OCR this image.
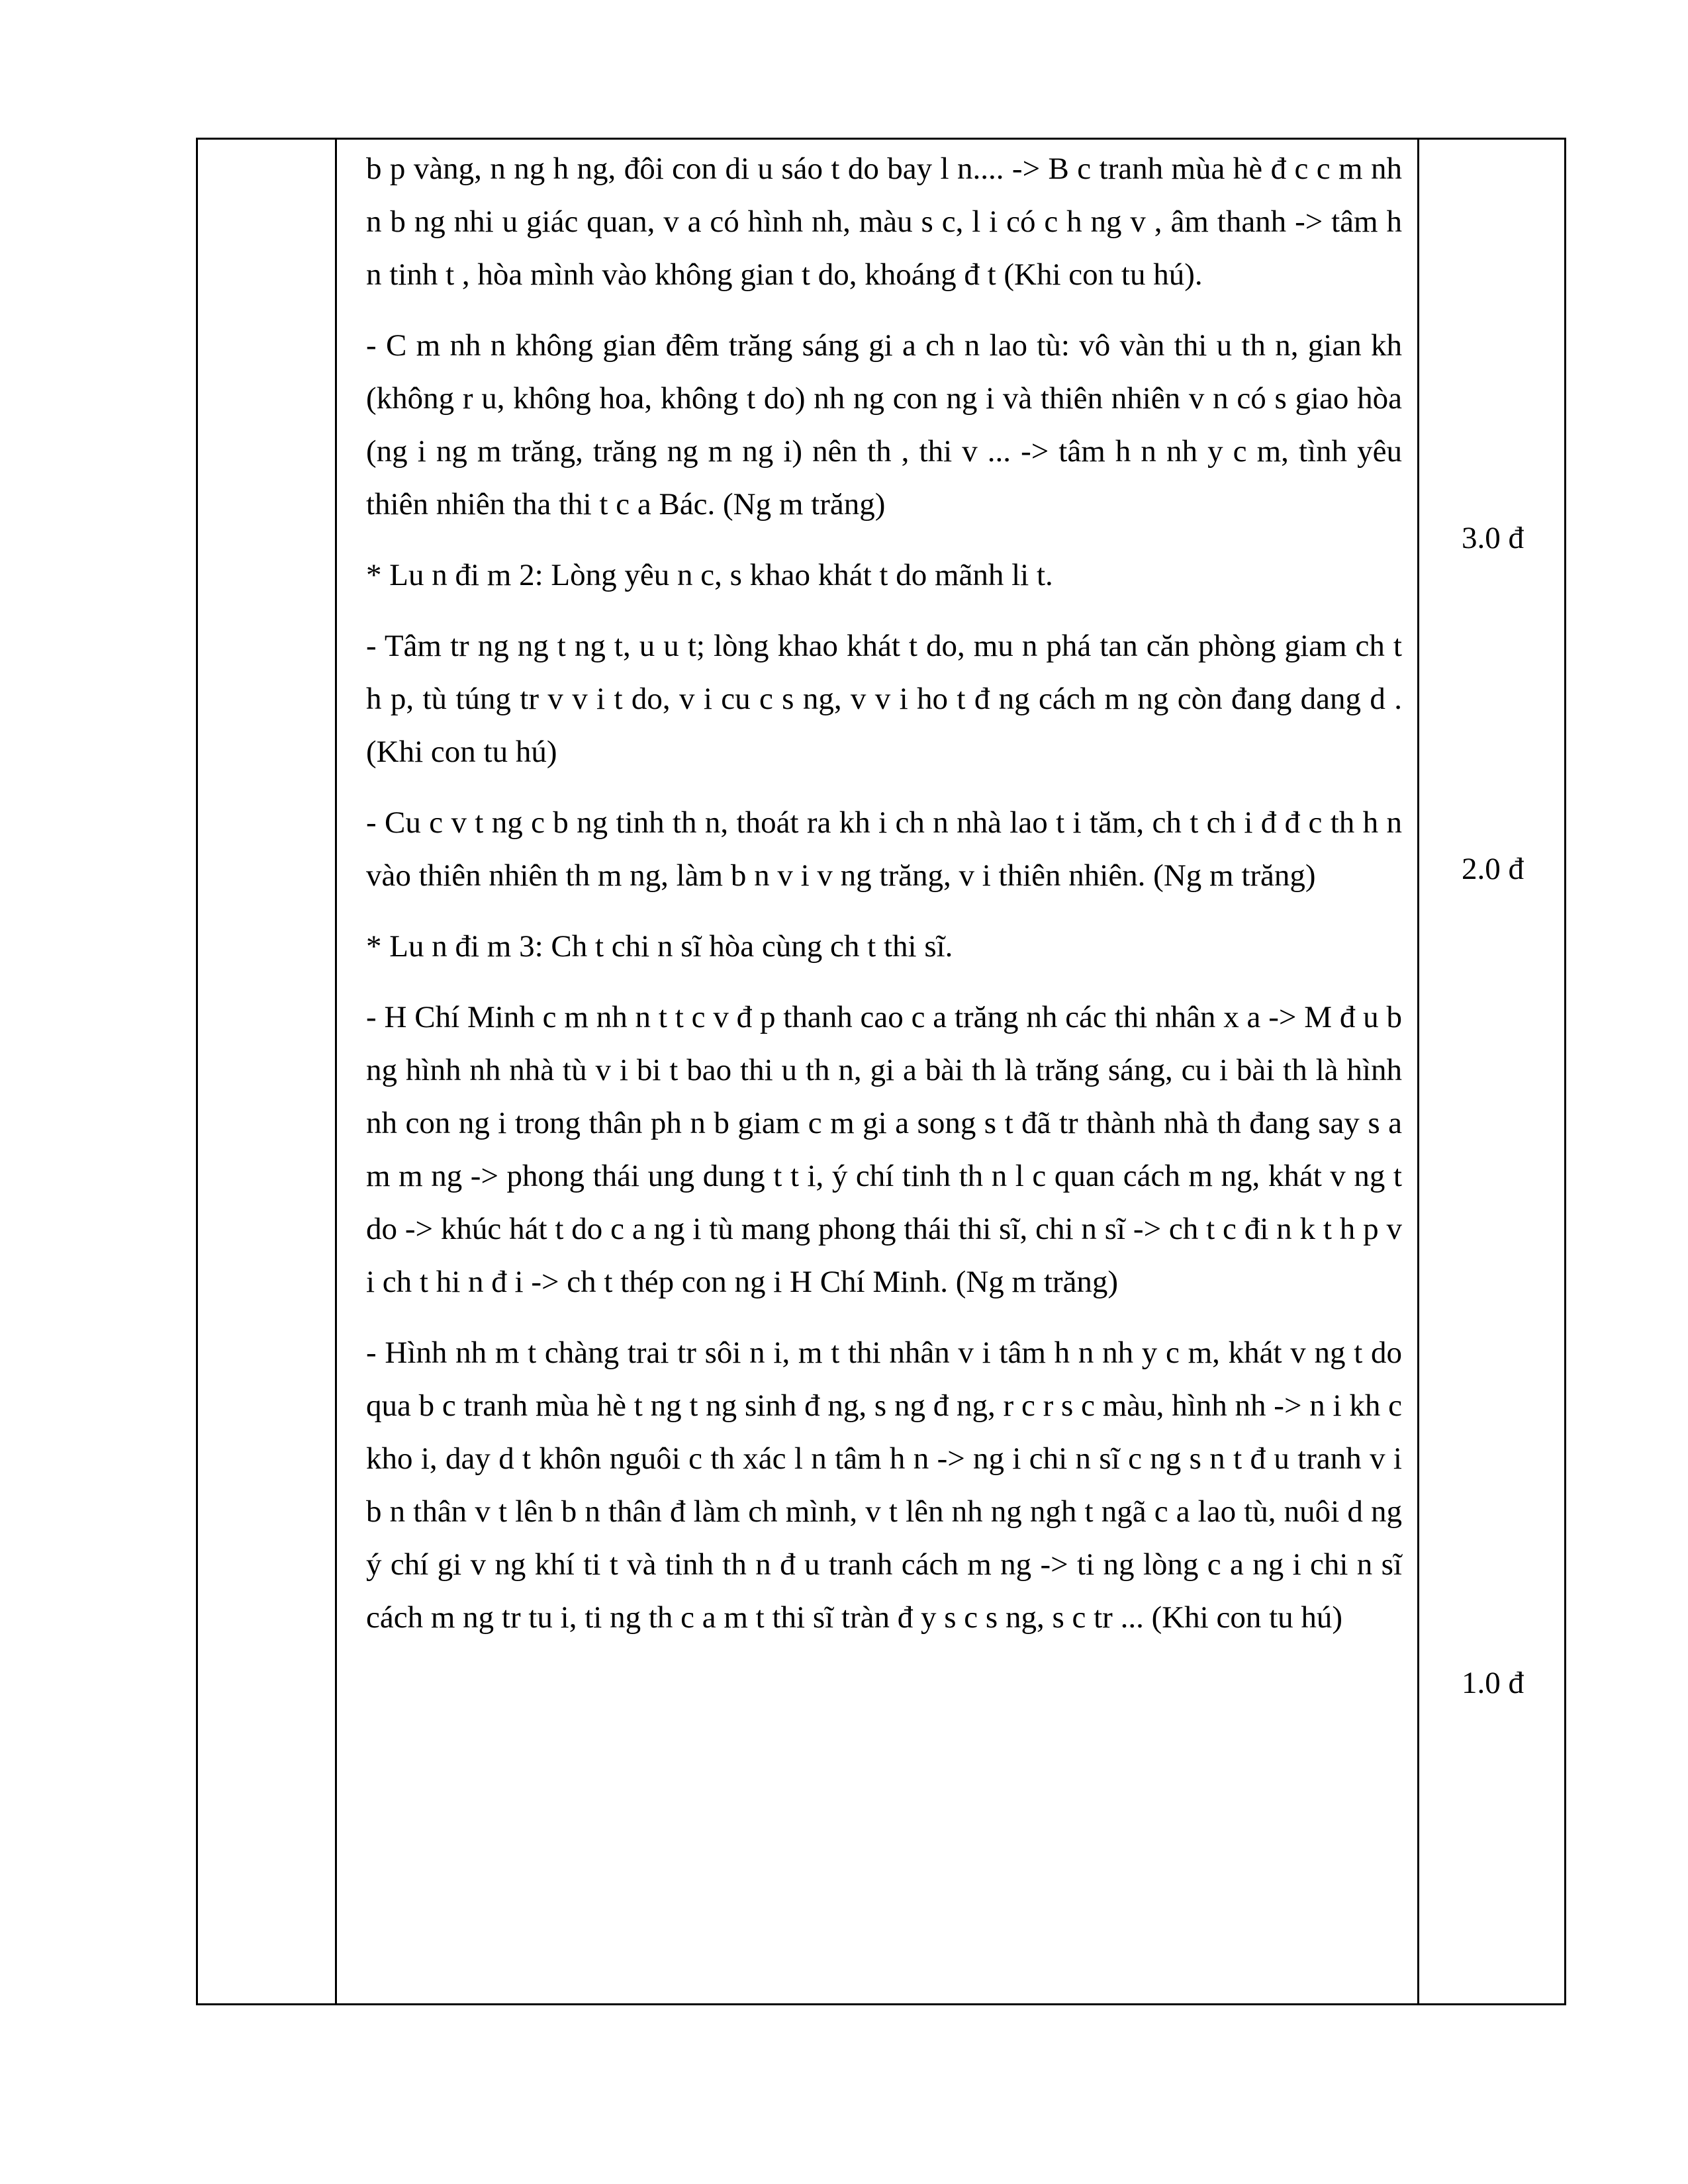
b p vàng, n ng h ng, đôi con di u sáo t do bay l n.... -> B c tranh mùa hè đ c c m nh n b ng nhi u giác quan, v a có hình nh, màu s c, l i có c h ng v , âm thanh -> tâm h n tinh t , hòa mình vào không gian t do, khoáng đ t (Khi con tu hú).

- C m nh n không gian đêm trăng sáng gi a ch n lao tù: vô vàn thi u th n, gian kh (không r u, không hoa, không t do) nh ng con ng i và thiên nhiên v n có s giao hòa (ng i ng m trăng, trăng ng m ng i) nên th , thi v ... -> tâm h n nh y c m, tình yêu thiên nhiên tha thi t c a Bác. (Ng m trăng)

* Lu n đi m 2: Lòng yêu n c, s khao khát t do mãnh li t.

- Tâm tr ng ng t ng t, u u t; lòng khao khát t do, mu n phá tan căn phòng giam ch t h p, tù túng tr v v i t do, v i cu c s ng, v v i ho t đ ng cách m ng còn đang dang d . (Khi con tu hú)

- Cu c v t ng c b ng tinh th n, thoát ra kh i ch n nhà lao t i tăm, ch t ch i đ đ c th h n vào thiên nhiên th m ng, làm b n v i v ng trăng, v i thiên nhiên. (Ng m trăng)

* Lu n đi m 3: Ch t chi n sĩ hòa cùng ch t thi sĩ.

- H Chí Minh c m nh n t t c v đ p thanh cao c a trăng nh các thi nhân x a -> M đ u b ng hình nh nhà tù v i bi t bao thi u th n, gi a bài th là trăng sáng, cu i bài th là hình nh con ng i trong thân ph n b giam c m gi a song s t đã tr thành nhà th đang say s a m m ng -> phong thái ung dung t t i, ý chí tinh th n l c quan cách m ng, khát v ng t do -> khúc hát t do c a ng i tù mang phong thái thi sĩ, chi n sĩ -> ch t c đi n k t h p v i ch t hi n đ i -> ch t thép con ng i H Chí Minh. (Ng m trăng)

- Hình nh m t chàng trai tr sôi n i, m t thi nhân v i tâm h n nh y c m, khát v ng t do qua b c tranh mùa hè t ng t ng sinh đ ng, s ng đ ng, r c r s c màu, hình nh -> n i kh c kho i, day d t khôn nguôi c th xác l n tâm h n -> ng i chi n sĩ c ng s n t đ u tranh v i b n thân v t lên b n thân đ làm ch mình, v t lên nh ng ngh t ngã c a lao tù, nuôi d ng ý chí gi v ng khí ti t và tinh th n đ u tranh cách m ng -> ti ng lòng c a ng i chi n sĩ cách m ng tr tu i, ti ng th c a m t thi sĩ tràn đ y s c s ng, s c tr ... (Khi con tu hú)

3.0 đ
2.0 đ
1.0 đ
